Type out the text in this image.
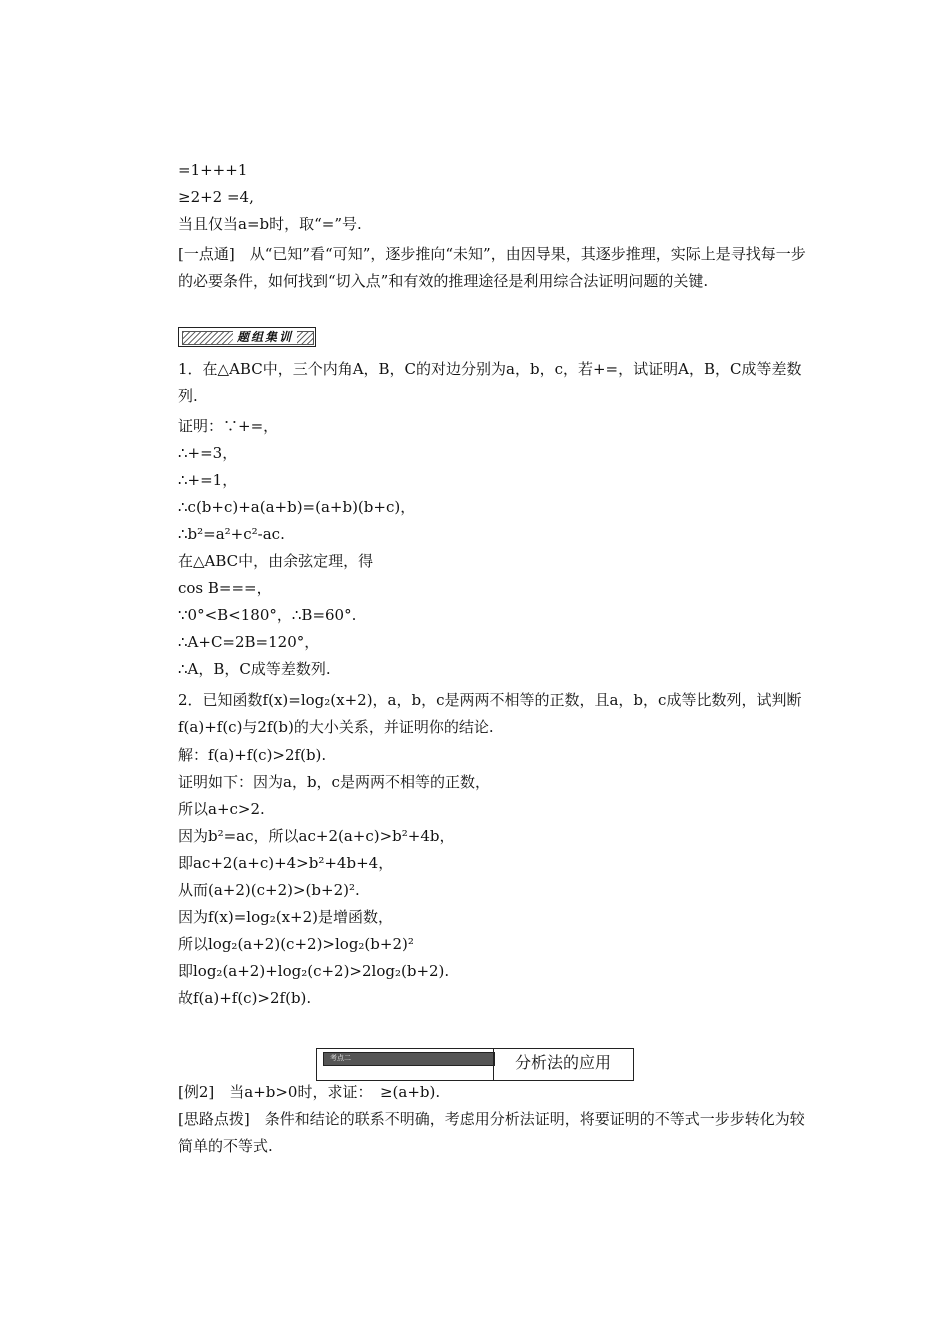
=1+++1
≥2+2 =4,
当且仅当a=b时，取“=”号.
[一点通]　从“已知”看“可知”，逐步推向“未知”，由因导果，其逐步推理，实际上是寻找每一步的必要条件，如何找到“切入点”和有效的推理途径是利用综合法证明问题的关键.
题组集训
1．在△ABC中，三个内角A，B，C的对边分别为a，b，c，若+=，试证明A，B，C成等差数列.
证明：∵+=，
∴+=3，
∴+=1，
∴c(b+c)+a(a+b)=(a+b)(b+c)，
∴b²=a²+c²-ac.
在△ABC中，由余弦定理，得
cos B===，
∵0°<B<180°，∴B=60°.
∴A+C=2B=120°，
∴A，B，C成等差数列.
2．已知函数f(x)=log₂(x+2)，a，b，c是两两不相等的正数，且a，b，c成等比数列，试判断f(a)+f(c)与2f(b)的大小关系，并证明你的结论.
解：f(a)+f(c)>2f(b).
证明如下：因为a，b，c是两两不相等的正数，
所以a+c>2.
因为b²=ac，所以ac+2(a+c)>b²+4b，
即ac+2(a+c)+4>b²+4b+4，
从而(a+2)(c+2)>(b+2)².
因为f(x)=log₂(x+2)是增函数，
所以log₂(a+2)(c+2)>log₂(b+2)²
即log₂(a+2)+log₂(c+2)>2log₂(b+2).
故f(a)+f(c)>2f(b).
考点二	分析法的应用
[例2]　当a+b>0时，求证：　≥(a+b).
[思路点拨]　条件和结论的联系不明确，考虑用分析法证明，将要证明的不等式一步步转化为较简单的不等式.
